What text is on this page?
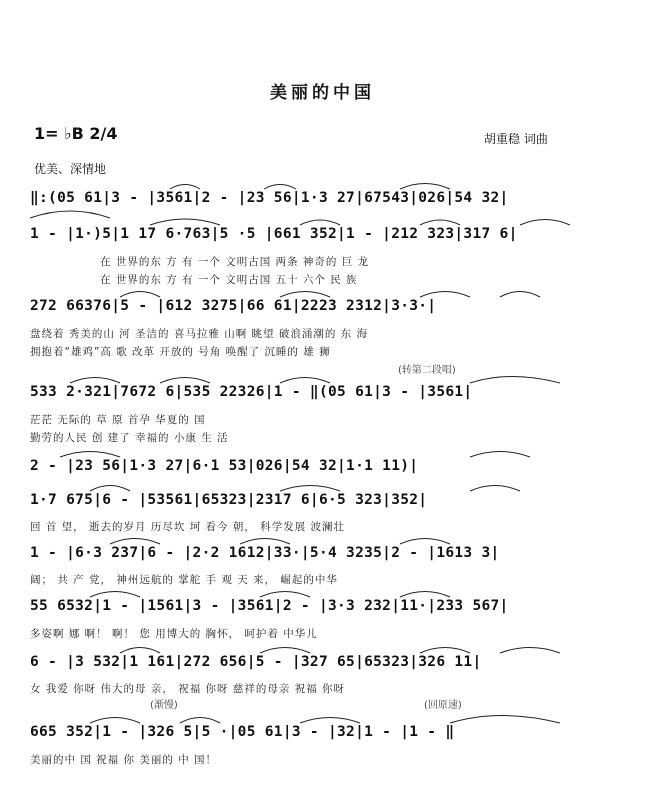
美丽的中国
1= ♭B 2/4	胡重稳 词曲
优美、深情地
‖:(05 61|3 - |3561|2 - |23 56|1·3 27|67543|026|54 32|
1 - |1·)5|1 17 6·763|5 ·5 |661 352|1 - |212 323|317 6|
在 世界的东 方 有 一个 文明古国 两条 神奇的 巨 龙
在 世界的东 方 有 一个 文明古国 五十 六个 民 族
272 66376|5 - |612 3275|66 61|2223 2312|3·3·|
盘绕着 秀美的山 河 圣洁的 喜马拉雅 山啊 眺望 破浪涌潮的 东 海
拥抱着“雄鸡”高 歌 改革 开放的 号角 唤醒了 沉睡的 雄 狮
(转第二段唱)
533 2·321|7672 6|535 22326|1 - ‖(05 61|3 - |3561|
茫茫 无际的 草 原 首孕 华夏的 国
勤劳的人民 创 建了 幸福的 小康 生 活
2 - |23 56|1·3 27|6·1 53|026|54 32|1·1 11)|
1·7 675|6 - |53561|65323|2317 6|6·5 323|352|
回 首 望， 逝去的岁月 历尽坎 坷 看今 朝， 科学发展 波澜壮
1 - |6·3 237|6 - |2·2 1612|33·|5·4 3235|2 - |1613 3|
阔； 共 产 党， 神州远航的 掌舵 手 观 天 来， 崛起的中华
55 6532|1 - |1561|3 - |3561|2 - |3·3 232|11·|233 567|
多姿啊 娜 啊！ 啊！ 您 用博大的 胸怀， 呵护着 中华儿
6 - |3 532|1 161|272 656|5 - |327 65|65323|326 11|
女 我爱 你呀 伟大的母 亲， 祝福 你呀 慈祥的母亲 祝福 你呀
(渐慢)	(回原速)
665 352|1 - |326 5|5 ·|05 61|3 - |32|1 - |1 - ‖
美丽的中 国 祝福 你 美丽的 中 国！
